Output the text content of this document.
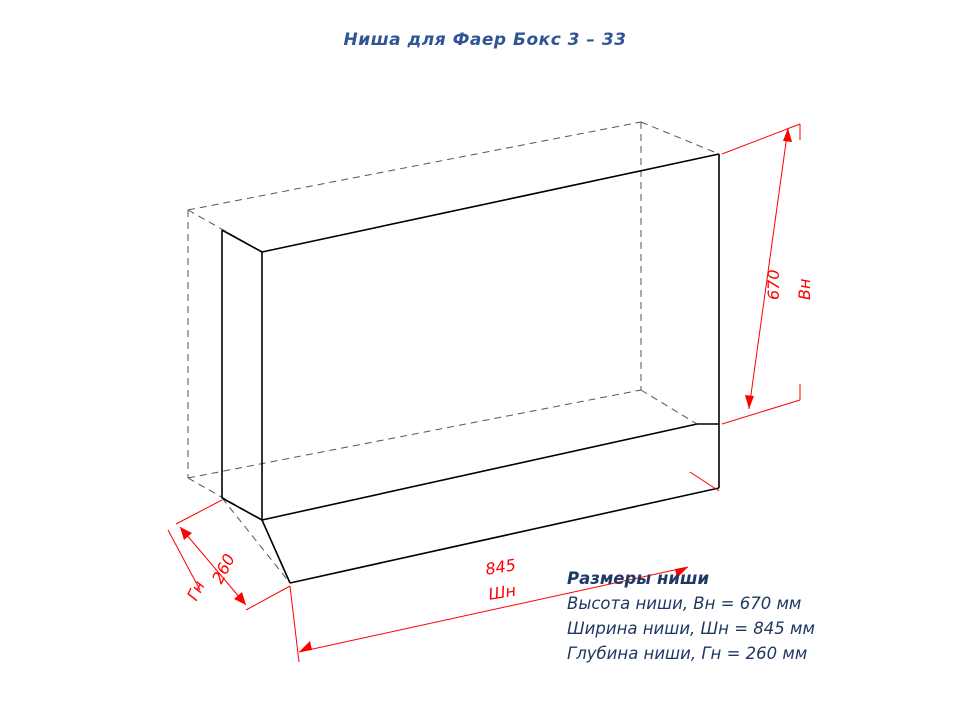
Ниша для Фаер Бокс 3 – 33
670 Вн
845
Шн
260
Гн	Размеры ниши
Высота ниши, Вн = 670 мм
Ширина ниши, Шн = 845 мм
Глубина ниши, Гн = 260 мм
